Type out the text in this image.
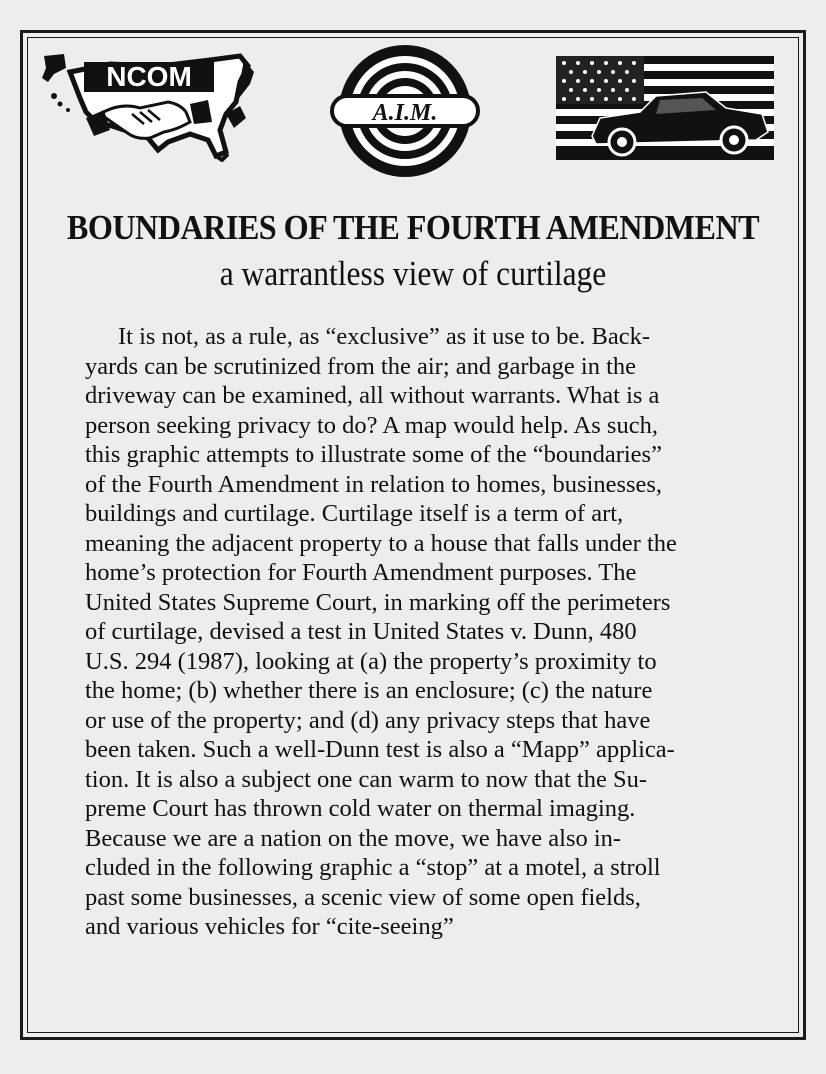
NCOM
A.I.M.
BOUNDARIES OF THE FOURTH AMENDMENT
a warrantless view of curtilage
It is not, as a rule, as “exclusive” as it use to be. Back-
yards can be scrutinized from the air; and garbage in the
driveway can be examined, all without warrants. What is a
person seeking privacy to do? A map would help. As such,
this graphic attempts to illustrate some of the “boundaries”
of the Fourth Amendment in relation to homes, businesses,
buildings and curtilage. Curtilage itself is a term of art,
meaning the adjacent property to a house that falls under the
home’s protection for Fourth Amendment purposes. The
United States Supreme Court, in marking off the perimeters
of curtilage, devised a test in United States v. Dunn, 480
U.S. 294 (1987), looking at (a) the property’s proximity to
the home; (b) whether there is an enclosure; (c) the nature
or use of the property; and (d) any privacy steps that have
been taken. Such a well-Dunn test is also a “Mapp” applica-
tion. It is also a subject one can warm to now that the Su-
preme Court has thrown cold water on thermal imaging.
Because we are a nation on the move, we have also in-
cluded in the following graphic a “stop” at a motel, a stroll
past some businesses, a scenic view of some open fields,
and various vehicles for “cite-seeing”
